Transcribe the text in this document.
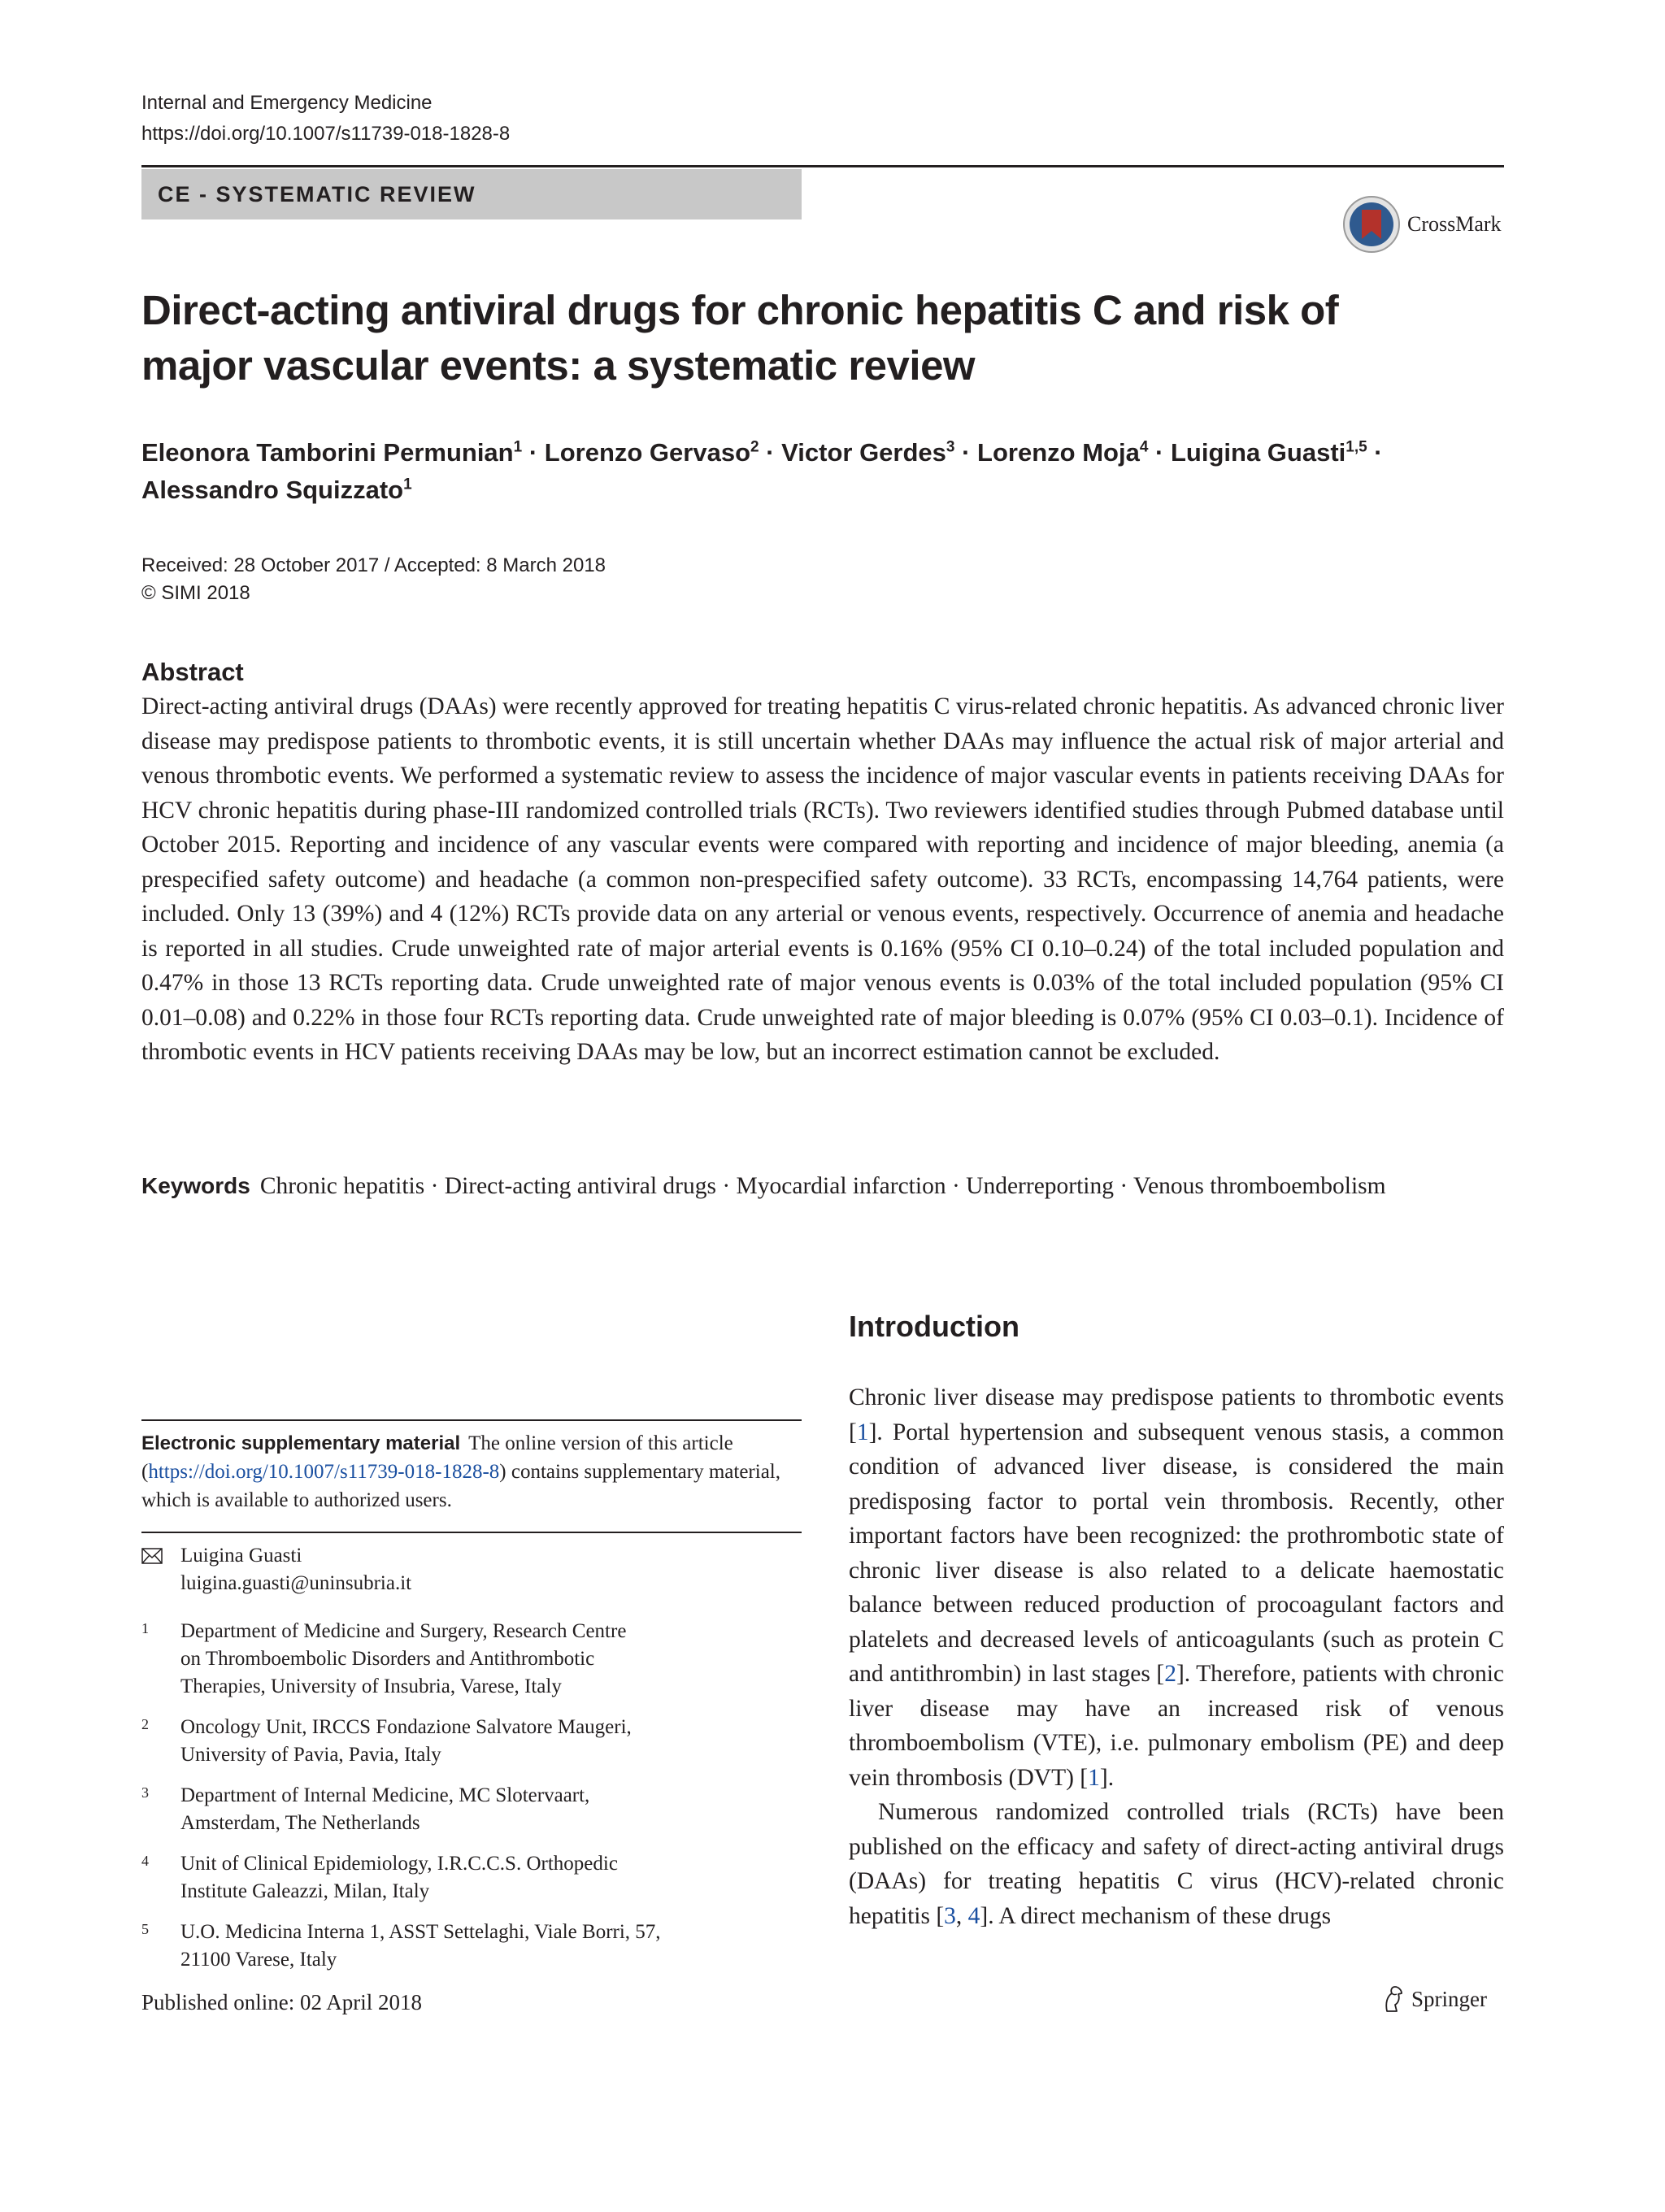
Internal and Emergency Medicine
https://doi.org/10.1007/s11739-018-1828-8
CE - SYSTEMATIC REVIEW
CrossMark
Direct-acting antiviral drugs for chronic hepatitis C and risk of major vascular events: a systematic review
Eleonora Tamborini Permunian$^1$ · Lorenzo Gervaso$^2$ · Victor Gerdes$^3$ · Lorenzo Moja$^4$ · Luigina Guasti$^{1,5}$ ·
Alessandro Squizzato$^1$
Received: 28 October 2017 / Accepted: 8 March 2018
© SIMI 2018
Abstract
Direct-acting antiviral drugs (DAAs) were recently approved for treating hepatitis C virus-related chronic hepatitis. As advanced chronic liver disease may predispose patients to thrombotic events, it is still uncertain whether DAAs may influence the actual risk of major arterial and venous thrombotic events. We performed a systematic review to assess the incidence of major vascular events in patients receiving DAAs for HCV chronic hepatitis during phase-III randomized controlled trials (RCTs). Two reviewers identified studies through Pubmed database until October 2015. Reporting and incidence of any vascular events were compared with reporting and incidence of major bleeding, anemia (a prespecified safety outcome) and headache (a common non-prespecified safety outcome). 33 RCTs, encompassing 14,764 patients, were included. Only 13 (39%) and 4 (12%) RCTs provide data on any arterial or venous events, respectively. Occurrence of anemia and headache is reported in all studies. Crude unweighted rate of major arterial events is 0.16% (95% CI 0.10–0.24) of the total included population and 0.47% in those 13 RCTs reporting data. Crude unweighted rate of major venous events is 0.03% of the total included population (95% CI 0.01–0.08) and 0.22% in those four RCTs reporting data. Crude unweighted rate of major bleeding is 0.07% (95% CI 0.03–0.1). Incidence of thrombotic events in HCV patients receiving DAAs may be low, but an incorrect estimation cannot be excluded.
Keywords Chronic hepatitis · Direct-acting antiviral drugs · Myocardial infarction · Underreporting · Venous thromboembolism
Introduction

Chronic liver disease may predispose patients to thrombotic events [1]. Portal hypertension and subsequent venous stasis, a common condition of advanced liver disease, is considered the main predisposing factor to portal vein thrombosis. Recently, other important factors have been recognized: the prothrombotic state of chronic liver disease is also related to a delicate haemostatic balance between reduced production of procoagulant factors and platelets and decreased levels of anticoagulants (such as protein C and antithrombin) in last stages [2]. Therefore, patients with chronic liver disease may have an increased risk of venous thromboembolism (VTE), i.e. pulmonary embolism (PE) and deep vein thrombosis (DVT) [1].

Numerous randomized controlled trials (RCTs) have been published on the efficacy and safety of direct-acting antiviral drugs (DAAs) for treating hepatitis C virus (HCV)-related chronic hepatitis [3, 4]. A direct mechanism of these drugs

Electronic supplementary material The online version of this article (https://doi.org/10.1007/s11739-018-1828-8) contains supplementary material, which is available to authorized users.
Luigina Guasti
luigina.guasti@uninsubria.it
1 Department of Medicine and Surgery, Research Centre
on Thromboembolic Disorders and Antithrombotic
Therapies, University of Insubria, Varese, Italy
2 Oncology Unit, IRCCS Fondazione Salvatore Maugeri,
University of Pavia, Pavia, Italy
3 Department of Internal Medicine, MC Slotervaart,
Amsterdam, The Netherlands
4 Unit of Clinical Epidemiology, I.R.C.C.S. Orthopedic
Institute Galeazzi, Milan, Italy
5 U.O. Medicina Interna 1, ASST Settelaghi, Viale Borri, 57,
21100 Varese, Italy
Published online: 02 April 2018	Springer
